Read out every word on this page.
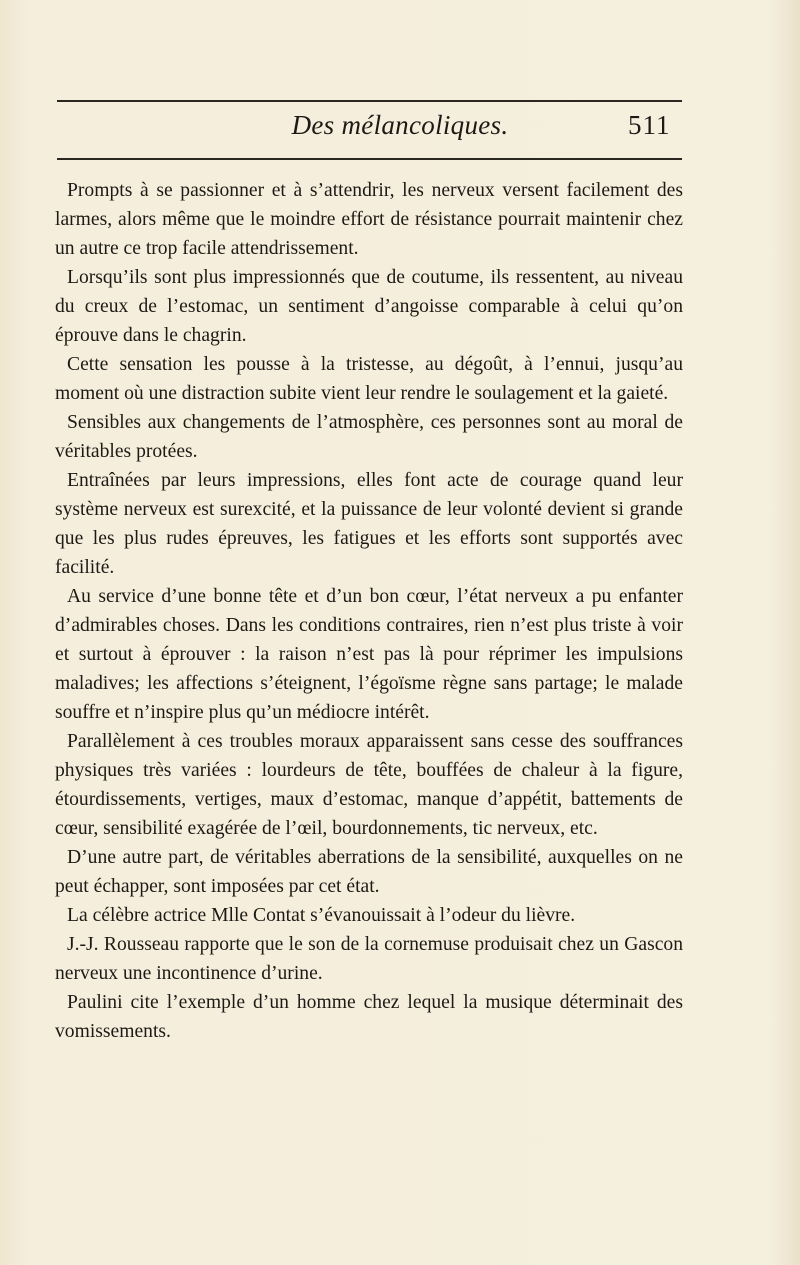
Des mélancoliques.	511

Prompts à se passionner et à s’attendrir, les nerveux versent facilement des larmes, alors même que le moindre effort de résistance pourrait maintenir chez un autre ce trop facile attendrissement.

Lorsqu’ils sont plus impressionnés que de coutume, ils ressentent, au niveau du creux de l’estomac, un sentiment d’angoisse comparable à celui qu’on éprouve dans le chagrin.

Cette sensation les pousse à la tristesse, au dégoût, à l’ennui, jusqu’au moment où une distraction subite vient leur rendre le soulagement et la gaieté.

Sensibles aux changements de l’atmosphère, ces personnes sont au moral de véritables protées.

Entraînées par leurs impressions, elles font acte de courage quand leur système nerveux est surexcité, et la puissance de leur volonté devient si grande que les plus rudes épreuves, les fatigues et les efforts sont supportés avec facilité.

Au service d’une bonne tête et d’un bon cœur, l’état nerveux a pu enfanter d’admirables choses. Dans les conditions contraires, rien n’est plus triste à voir et surtout à éprouver : la raison n’est pas là pour réprimer les impulsions maladives; les affections s’éteignent, l’égoïsme règne sans partage; le malade souffre et n’inspire plus qu’un médiocre intérêt.

Parallèlement à ces troubles moraux apparaissent sans cesse des souffrances physiques très variées : lourdeurs de tête, bouffées de chaleur à la figure, étourdissements, vertiges, maux d’estomac, manque d’appétit, battements de cœur, sensibilité exagérée de l’œil, bourdonnements, tic nerveux, etc.

D’une autre part, de véritables aberrations de la sensibilité, auxquelles on ne peut échapper, sont imposées par cet état.

La célèbre actrice Mlle Contat s’évanouissait à l’odeur du lièvre.

J.-J. Rousseau rapporte que le son de la cornemuse produisait chez un Gascon nerveux une incontinence d’urine.

Paulini cite l’exemple d’un homme chez lequel la musique déterminait des vomissements.
